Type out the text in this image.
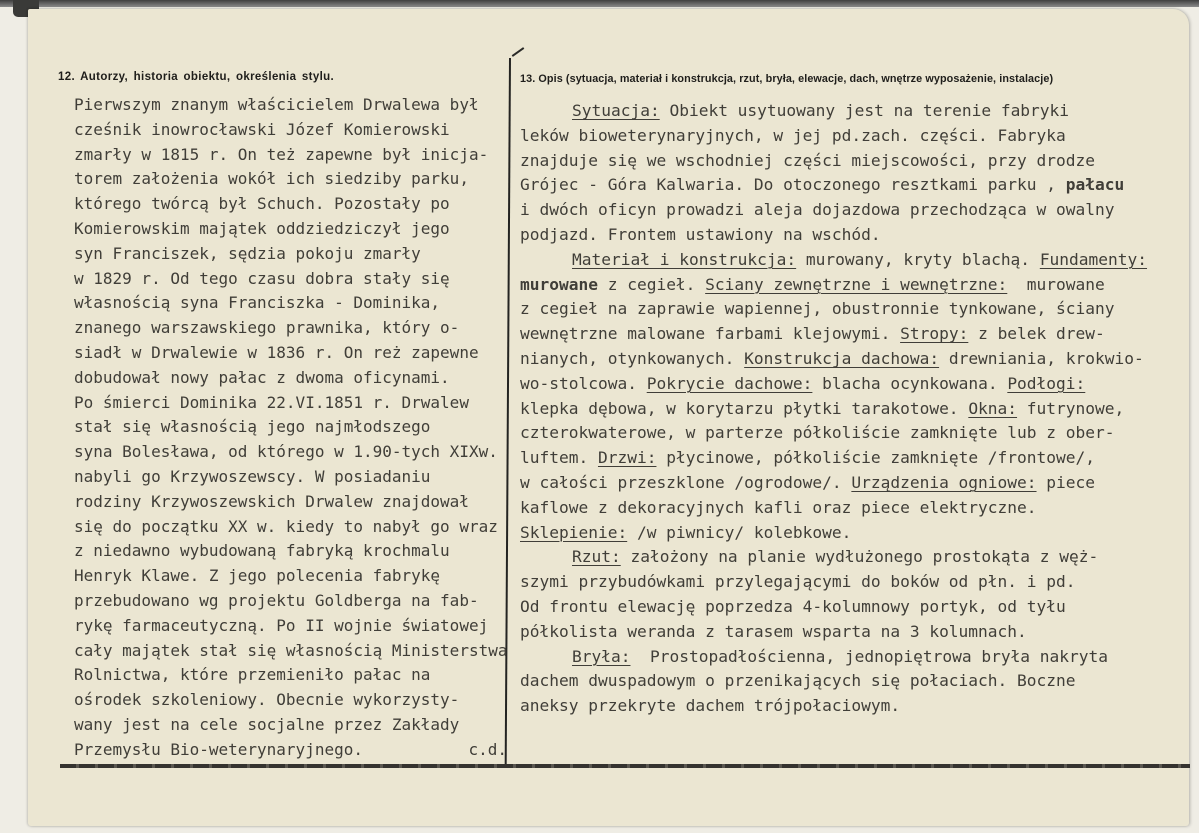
12. Autorzy, historia obiektu, określenia stylu.	13. Opis (sytuacja, materiał i konstrukcja, rzut, bryła, elewacje, dach, wnętrze wyposażenie, instalacje)
Pierwszym znanym właścicielem Drwalewa był
cześnik inowrocławski Józef Komierowski
zmarły w 1815 r. On też zapewne był inicja-
torem założenia wokół ich siedziby parku,
którego twórcą był Schuch. Pozostały po
Komierowskim majątek oddziedziczył jego
syn Franciszek, sędzia pokoju zmarły
w 1829 r. Od tego czasu dobra stały się
własnością syna Franciszka - Dominika,
znanego warszawskiego prawnika, który o-
siadł w Drwalewie w 1836 r. On reż zapewne
dobudował nowy pałac z dwoma oficynami.
Po śmierci Dominika 22.VI.1851 r. Drwalew
stał się własnością jego najmłodszego
syna Bolesława, od którego w 1.90-tych XIXw.
nabyli go Krzywoszewscy. W posiadaniu
rodziny Krzywoszewskich Drwalew znajdował
się do początku XX w. kiedy to nabył go wraz
z niedawno wybudowaną fabryką krochmalu
Henryk Klawe. Z jego polecenia fabrykę
przebudowano wg projektu Goldberga na fab-
rykę farmaceutyczną. Po II wojnie światowej
cały majątek stał się własnością Ministerstwa
Rolnictwa, które przemieniło pałac na
ośrodek szkoleniowy. Obecnie wykorzysty-
wany jest na cele socjalne przez Zakłady
Przemysłu Bio-weterynaryjnego.	c.d.
Sytuacja: Obiekt usytuowany jest na terenie fabryki
leków bioweterynaryjnych, w jej pd.zach. części. Fabryka
znajduje się we wschodniej części miejscowości, przy drodze
Grójec - Góra Kalwaria. Do otoczonego resztkami parku , pałacu
i dwóch oficyn prowadzi aleja dojazdowa przechodząca w owalny
podjazd. Frontem ustawiony na wschód.
Materiał i konstrukcja: murowany, kryty blachą. Fundamenty:
murowane z cegieł. Sciany zewnętrzne i wewnętrzne:  murowane
z cegieł na zaprawie wapiennej, obustronnie tynkowane, ściany
wewnętrzne malowane farbami klejowymi. Stropy: z belek drew-
nianych, otynkowanych. Konstrukcja dachowa: drewniania, krokwio-
wo-stolcowa. Pokrycie dachowe: blacha ocynkowana. Podłogi:
klepka dębowa, w korytarzu płytki tarakotowe. Okna: futrynowe,
czterokwaterowe, w parterze półkoliście zamknięte lub z ober-
luftem. Drzwi: płycinowe, półkoliście zamknięte /frontowe/,
w całości przeszklone /ogrodowe/. Urządzenia ogniowe: piece
kaflowe z dekoracyjnych kafli oraz piece elektryczne.
Sklepienie: /w piwnicy/ kolebkowe.
Rzut: założony na planie wydłużonego prostokąta z węż-
szymi przybudówkami przylegającymi do boków od płn. i pd.
Od frontu elewację poprzedza 4-kolumnowy portyk, od tyłu
półkolista weranda z tarasem wsparta na 3 kolumnach.
Bryła:  Prostopadłościenna, jednopiętrowa bryła nakryta
dachem dwuspadowym o przenikających się połaciach. Boczne
aneksy przekryte dachem trójpołaciowym.
